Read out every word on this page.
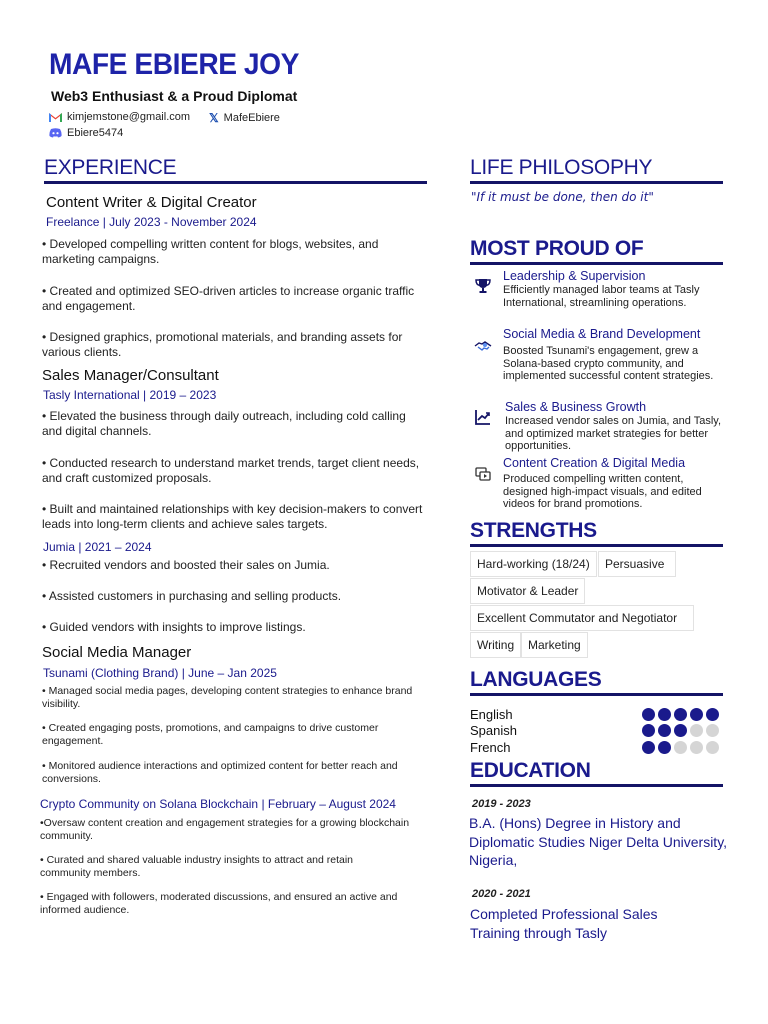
MAFE EBIERE JOY
Web3 Enthusiast & a Proud Diplomat
kimjemstone@gmail.com 𝕏 MafeEbiere
Ebiere5474
EXPERIENCE
Content Writer & Digital Creator
Freelance | July 2023 - November 2024
• Developed compelling written content for blogs, websites, and marketing campaigns.
• Created and optimized SEO-driven articles to increase organic traffic and engagement.
• Designed graphics, promotional materials, and branding assets for various clients.
Sales Manager/Consultant
Tasly International | 2019 – 2023
• Elevated the business through daily outreach, including cold calling and digital channels.
• Conducted research to understand market trends, target client needs, and craft customized proposals.
• Built and maintained relationships with key decision-makers to convert leads into long-term clients and achieve sales targets.
Jumia | 2021 – 2024
• Recruited vendors and boosted their sales on Jumia.
• Assisted customers in purchasing and selling products.
• Guided vendors with insights to improve listings.
Social Media Manager
Tsunami (Clothing Brand) | June – Jan 2025
• Managed social media pages, developing content strategies to enhance brand visibility.
• Created engaging posts, promotions, and campaigns to drive customer engagement.
• Monitored audience interactions and optimized content for better reach and conversions.
Crypto Community on Solana Blockchain | February – August 2024
•Oversaw content creation and engagement strategies for a growing blockchain community.
• Curated and shared valuable industry insights to attract and retain community members.
• Engaged with followers, moderated discussions, and ensured an active and informed audience.
LIFE PHILOSOPHY
"If it must be done, then do it"
MOST PROUD OF
Leadership & Supervision
Efficiently managed labor teams at Tasly International, streamlining operations.
Social Media & Brand Development
Boosted Tsunami's engagement, grew a Solana-based crypto community, and implemented successful content strategies.
Sales & Business Growth
Increased vendor sales on Jumia, and Tasly, and optimized market strategies for better opportunities.
Content Creation & Digital Media
Produced compelling written content, designed high-impact visuals, and edited videos for brand promotions.
STRENGTHS
Hard-working (18/24)	Persuasive
Motivator & Leader
Excellent Commutator and Negotiator
Writing	Marketing
LANGUAGES
English
Spanish
French
EDUCATION
2019 - 2023
B.A. (Hons) Degree in History and
Diplomatic Studies Niger Delta University,
Nigeria,
2020 - 2021
Completed Professional Sales
Training through Tasly
